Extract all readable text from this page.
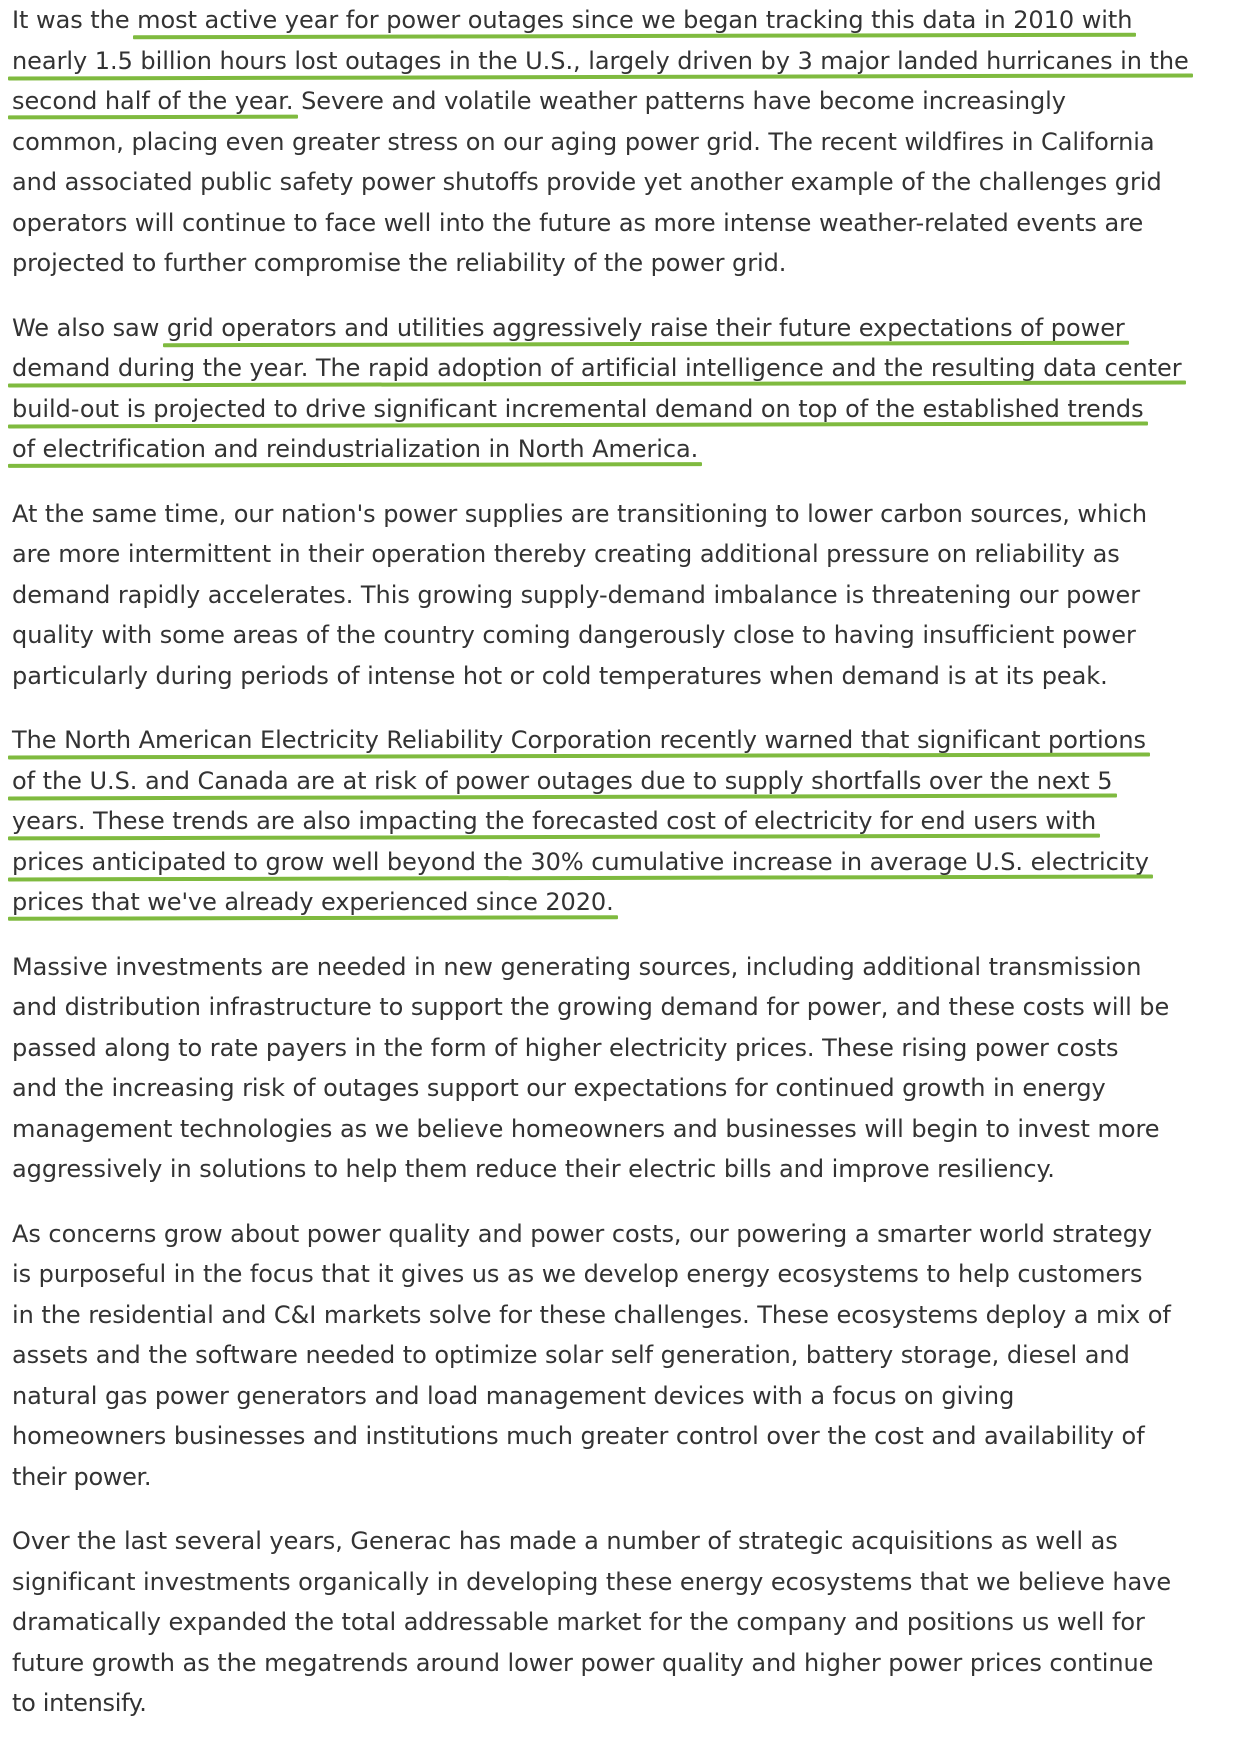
It was the most active year for power outages since we began tracking this data in 2010 with
nearly 1.5 billion hours lost outages in the U.S., largely driven by 3 major landed hurricanes in the
second half of the year. Severe and volatile weather patterns have become increasingly
common, placing even greater stress on our aging power grid. The recent wildfires in California
and associated public safety power shutoffs provide yet another example of the challenges grid
operators will continue to face well into the future as more intense weather-related events are
projected to further compromise the reliability of the power grid.

We also saw grid operators and utilities aggressively raise their future expectations of power
demand during the year. The rapid adoption of artificial intelligence and the resulting data center
build-out is projected to drive significant incremental demand on top of the established trends
of electrification and reindustrialization in North America.

At the same time, our nation's power supplies are transitioning to lower carbon sources, which
are more intermittent in their operation thereby creating additional pressure on reliability as
demand rapidly accelerates. This growing supply-demand imbalance is threatening our power
quality with some areas of the country coming dangerously close to having insufficient power
particularly during periods of intense hot or cold temperatures when demand is at its peak.

The North American Electricity Reliability Corporation recently warned that significant portions
of the U.S. and Canada are at risk of power outages due to supply shortfalls over the next 5
years. These trends are also impacting the forecasted cost of electricity for end users with
prices anticipated to grow well beyond the 30% cumulative increase in average U.S. electricity
prices that we've already experienced since 2020.

Massive investments are needed in new generating sources, including additional transmission
and distribution infrastructure to support the growing demand for power, and these costs will be
passed along to rate payers in the form of higher electricity prices. These rising power costs
and the increasing risk of outages support our expectations for continued growth in energy
management technologies as we believe homeowners and businesses will begin to invest more
aggressively in solutions to help them reduce their electric bills and improve resiliency.

As concerns grow about power quality and power costs, our powering a smarter world strategy
is purposeful in the focus that it gives us as we develop energy ecosystems to help customers
in the residential and C&I markets solve for these challenges. These ecosystems deploy a mix of
assets and the software needed to optimize solar self generation, battery storage, diesel and
natural gas power generators and load management devices with a focus on giving
homeowners businesses and institutions much greater control over the cost and availability of
their power.

Over the last several years, Generac has made a number of strategic acquisitions as well as
significant investments organically in developing these energy ecosystems that we believe have
dramatically expanded the total addressable market for the company and positions us well for
future growth as the megatrends around lower power quality and higher power prices continue
to intensify.
